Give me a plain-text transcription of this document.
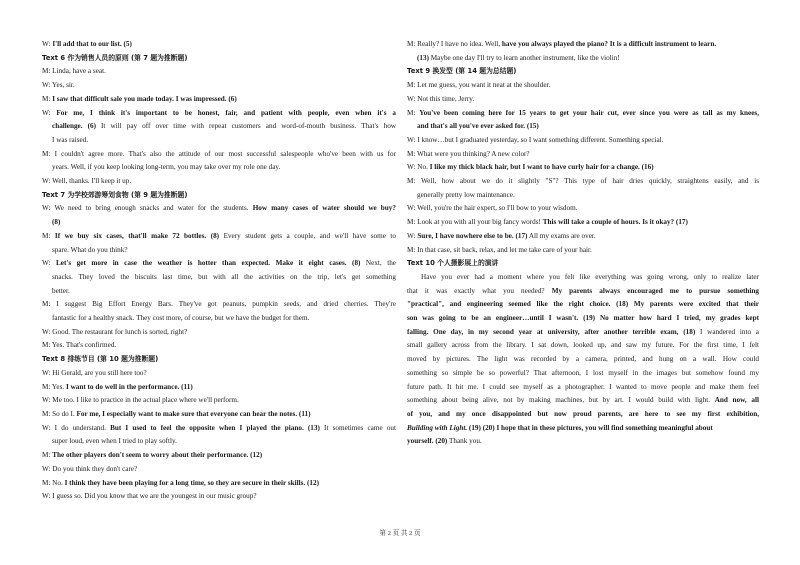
W: I'll add that to our list. (5)
Text 6 作为销售人员的原则 (第 7 题为推断题)
M: Linda, have a seat.
W: Yes, sir.
M: I saw that difficult sale you made today. I was impressed. (6)
W: For me, I think it's important to be honest, fair, and patient with people, even when it's a
challenge. (6) It will pay off over time with repeat customers and word-of-mouth business. That's how
I was raised.
M: I couldn't agree more. That's also the attitude of our most successful salespeople who've been with us for
years. Well, if you keep looking long-term, you may take over my role one day.
W: Well, thanks. I'll keep it up.
Text 7 为学校郊游筹划食物 (第 9 题为推断题)
W: We need to bring enough snacks and water for the students. How many cases of water should we buy?
(8)
M: If we buy six cases, that'll make 72 bottles. (8) Every student gets a couple, and we'll have some to
spare. What do you think?
W: Let's get more in case the weather is hotter than expected. Make it eight cases. (8) Next, the
snacks. They loved the biscuits last time, but with all the activities on the trip, let's get something
better.
M: I suggest Big Effort Energy Bars. They've got peanuts, pumpkin seeds, and dried cherries. They're
fantastic for a healthy snack. They cost more, of course, but we have the budget for them.
W: Good. The restaurant for lunch is sorted, right?
M: Yes. That's confirmed.
Text 8 排练节目 (第 10 题为推断题)
W: Hi Gerald, are you still here too?
M: Yes. I want to do well in the performance. (11)
W: Me too. I like to practice in the actual place where we'll perform.
M: So do I. For me, I especially want to make sure that everyone can hear the notes. (11)
W: I do understand. But I used to feel the opposite when I played the piano. (13) It sometimes came out
super loud, even when I tried to play softly.
M: The other players don't seem to worry about their performance. (12)
W: Do you think they don't care?
M: No. I think they have been playing for a long time, so they are secure in their skills. (12)
W: I guess so. Did you know that we are the youngest in our music group?
M: Really? I have no idea. Well, have you always played the piano? It is a difficult instrument to learn.
(13) Maybe one day I'll try to learn another instrument, like the violin!
Text 9 换发型 (第 14 题为总结题)
M: Let me guess, you want it neat at the shoulder.
W: Not this time, Jerry.
M: You've been coming here for 15 years to get your hair cut, ever since you were as tall as my knees,
and that's all you've ever asked for. (15)
W: I know…but I graduated yesterday, so I want something different. Something special.
M: What were you thinking? A new color?
W: No. I like my thick black hair, but I want to have curly hair for a change. (16)
M: Well, how about we do it slightly "S"? This type of hair dries quickly, straightens easily, and is
generally pretty low maintenance.
W: Well, you're the hair expert, so I'll bow to your wisdom.
M: Look at you with all your big fancy words! This will take a couple of hours. Is it okay? (17)
W: Sure, I have nowhere else to be. (17) All my exams are over.
M: In that case, sit back, relax, and let me take care of your hair.
Text 10 个人摄影展上的演讲
Have you ever had a moment where you felt like everything was going wrong, only to realize later
that it was exactly what you needed? My parents always encouraged me to pursue something
"practical", and engineering seemed like the right choice. (18) My parents were excited that their
son was going to be an engineer…until I wasn't. (19) No matter how hard I tried, my grades kept
falling. One day, in my second year at university, after another terrible exam, (18) I wandered into a
small gallery across from the library. I sat down, looked up, and saw my future. For the first time, I felt
moved by pictures. The light was recorded by a camera, printed, and hung on a wall. How could
something so simple be so powerful? That afternoon, I lost myself in the images but somehow found my
future path. It hit me. I could see myself as a photographer. I wanted to move people and make them feel
something about being alive, not by making machines, but by art. I would build with light. And now, all
of you, and my once disappointed but now proud parents, are here to see my first exhibition,
Building with Light. (19) (20) I hope that in these pictures, you will find something meaningful about
yourself. (20) Thank you.
第 2 页 共 2 页
